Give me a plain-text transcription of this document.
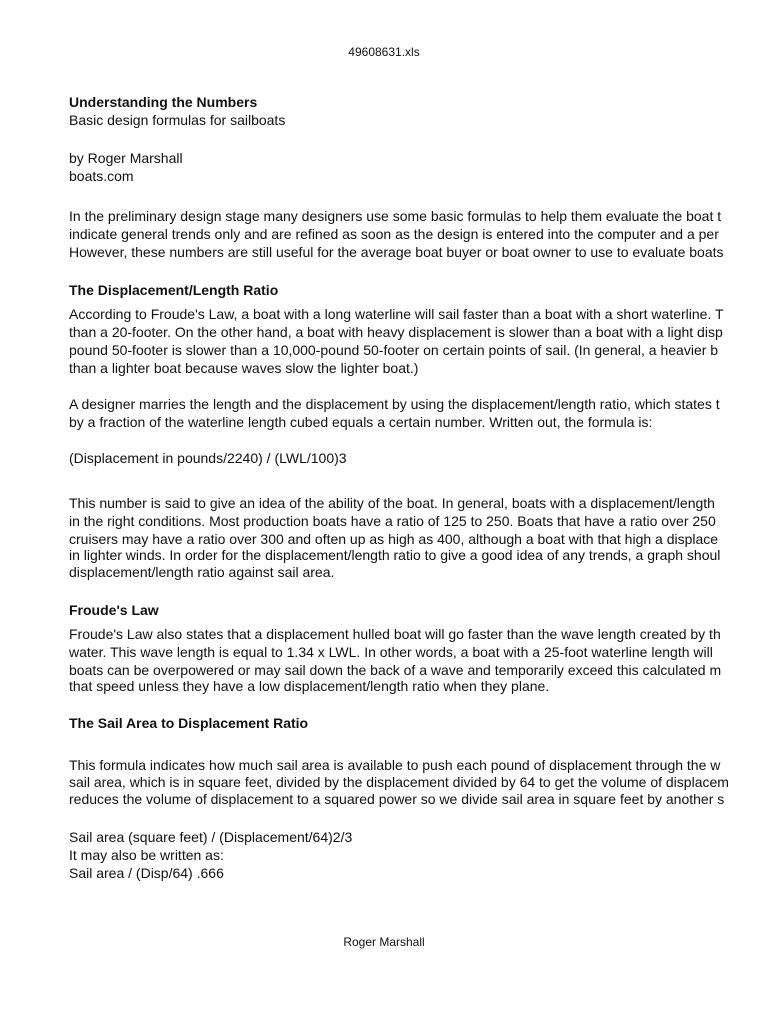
49608631.xls
Understanding the Numbers
Basic design formulas for sailboats
by Roger Marshall
boats.com
In the preliminary design stage many designers use some basic formulas to help them evaluate the boat t
indicate general trends only and are refined as soon as the design is entered into the computer and a per
However, these numbers are still useful for the average boat buyer or boat owner to use to evaluate boats
The Displacement/Length Ratio
According to Froude's Law, a boat with a long waterline will sail faster than a boat with a short waterline. T
than a 20-footer. On the other hand, a boat with heavy displacement is slower than a boat with a light disp
pound 50-footer is slower than a 10,000-pound 50-footer on certain points of sail. (In general, a heavier b
than a lighter boat because waves slow the lighter boat.)
A designer marries the length and the displacement by using the displacement/length ratio, which states t
by a fraction of the waterline length cubed equals a certain number. Written out, the formula is:
(Displacement in pounds/2240) / (LWL/100)3
This number is said to give an idea of the ability of the boat. In general, boats with a displacement/length
in the right conditions. Most production boats have a ratio of 125 to 250. Boats that have a ratio over 250
cruisers may have a ratio over 300 and often up as high as 400, although a boat with that high a displace
in lighter winds. In order for the displacement/length ratio to give a good idea of any trends, a graph shoul
displacement/length ratio against sail area.
Froude's Law
Froude's Law also states that a displacement hulled boat will go faster than the wave length created by th
water. This wave length is equal to 1.34 x LWL. In other words, a boat with a 25-foot waterline length will
boats can be overpowered or may sail down the back of a wave and temporarily exceed this calculated m
that speed unless they have a low displacement/length ratio when they plane.
The Sail Area to Displacement Ratio
This formula indicates how much sail area is available to push each pound of displacement through the w
sail area, which is in square feet, divided by the displacement divided by 64 to get the volume of displacem
reduces the volume of displacement to a squared power so we divide sail area in square feet by another s
Sail area (square feet) / (Displacement/64)2/3
It may also be written as:
Sail area / (Disp/64) .666
Roger Marshall
